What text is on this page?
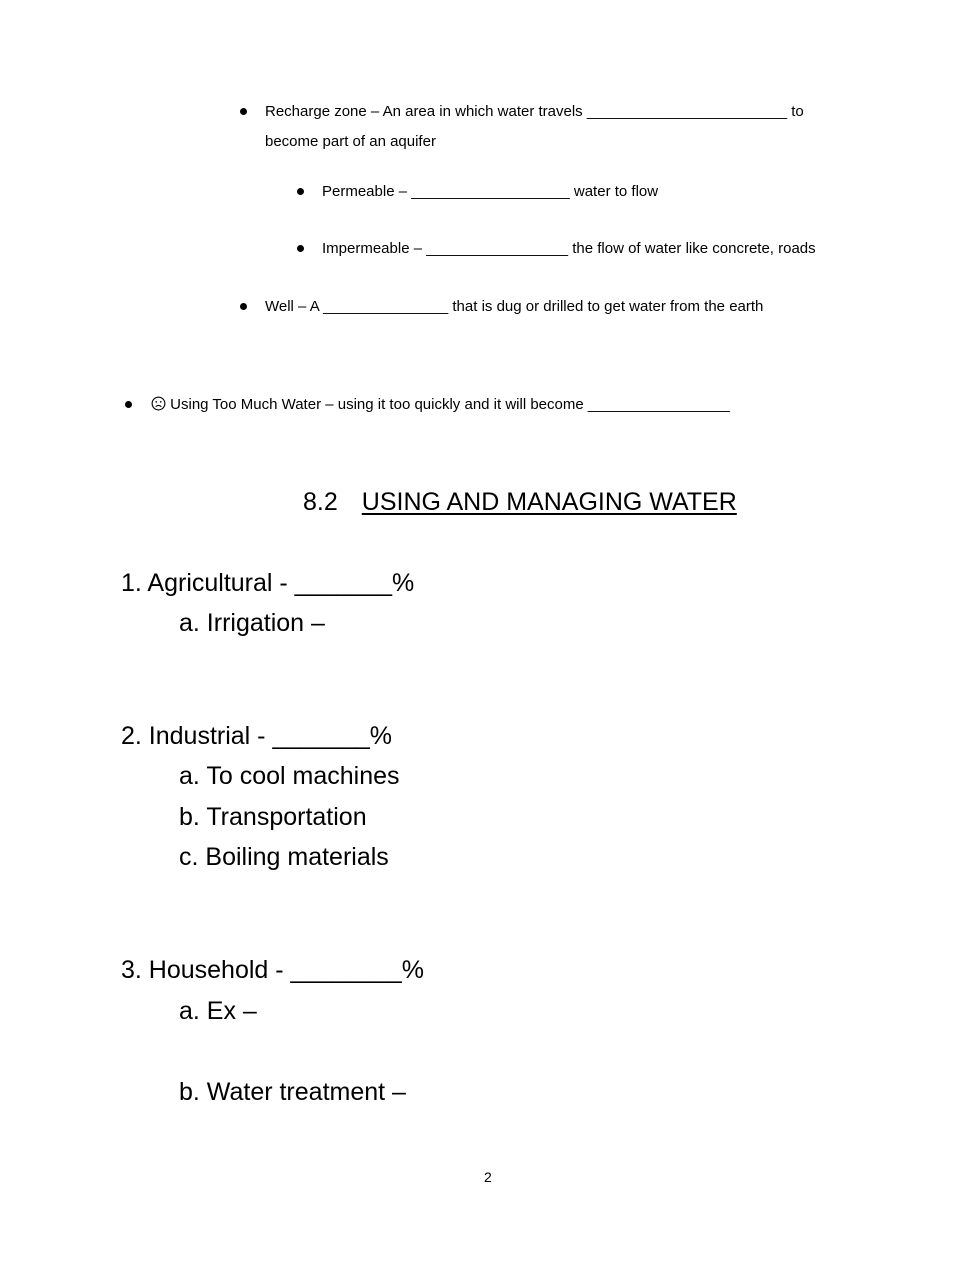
Recharge zone – An area in which water travels ________________________ to
become part of an aquifer
Permeable – ___________________ water to flow
Impermeable – _________________ the flow of water like concrete, roads
Well – A _______________ that is dug or drilled to get water from the earth
Using Too Much Water – using it too quickly and it will become _________________
8.2 USING AND MANAGING WATER
1. Agricultural - _______%
a. Irrigation –
2. Industrial - _______%
a. To cool machines
b. Transportation
c. Boiling materials
3. Household - ________%
a. Ex –
b. Water treatment –
2
